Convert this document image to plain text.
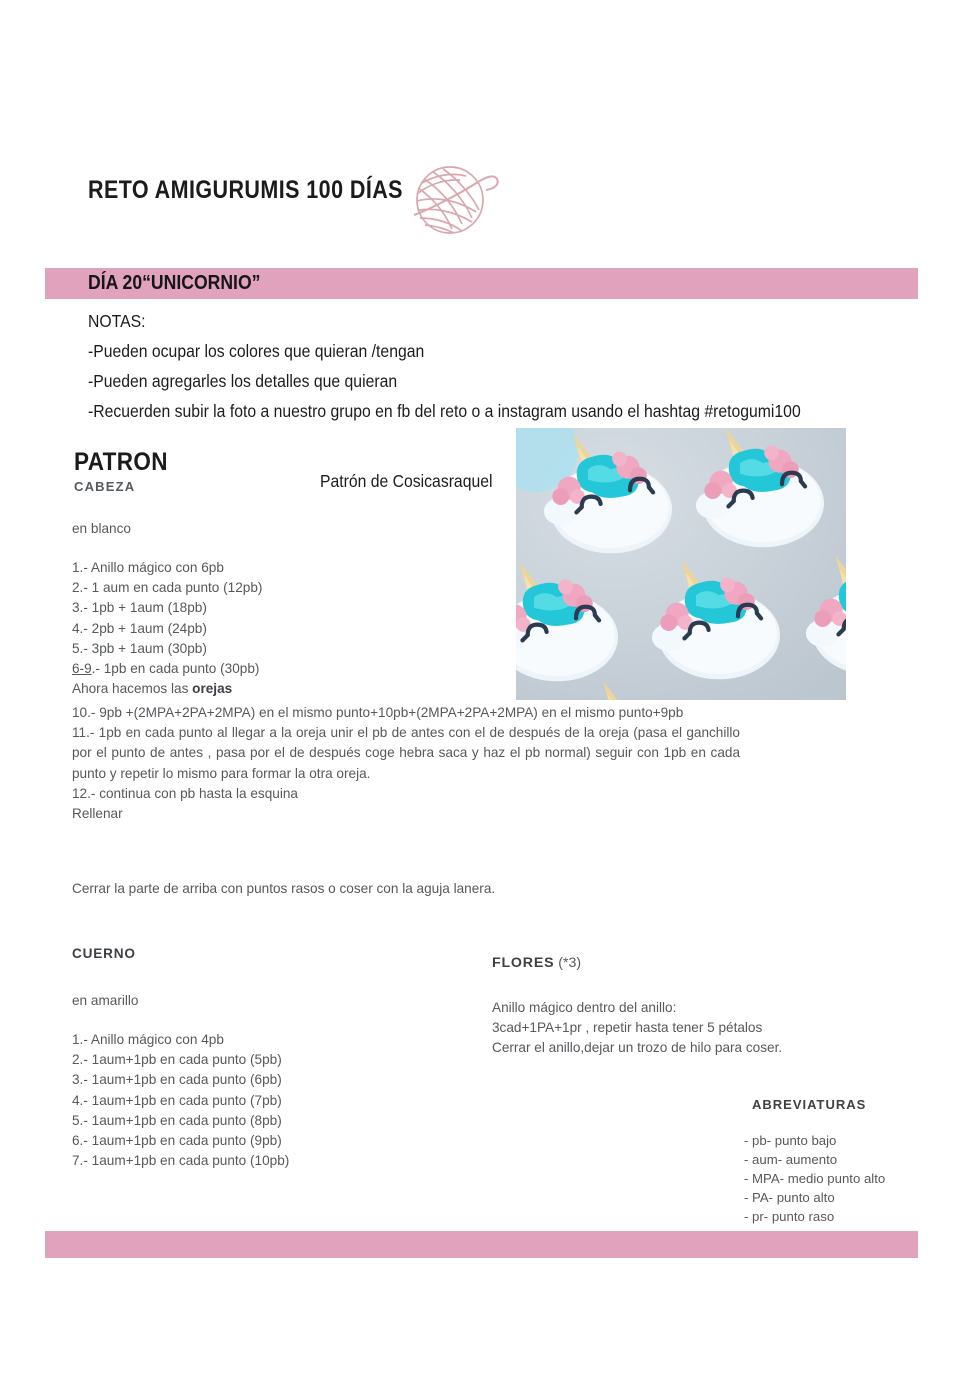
RETO AMIGURUMIS 100 DÍAS
DÍA 20“UNICORNIO”
NOTAS:
-Pueden ocupar los colores que quieran /tengan
-Pueden agregarles los detalles que quieran
-Recuerden subir la foto a nuestro grupo en fb del reto o a instagram usando el hashtag #retogumi100
PATRON
CABEZA	Patrón de Cosicasraquel
en blanco
1.- Anillo mágico con 6pb
2.- 1 aum en cada punto (12pb)
3.- 1pb + 1aum (18pb)
4.- 2pb + 1aum (24pb)
5.- 3pb + 1aum (30pb)
6-9.- 1pb en cada punto (30pb)
Ahora hacemos las orejas

10.- 9pb +(2MPA+2PA+2MPA) en el mismo punto+10pb+(2MPA+2PA+2MPA) en el mismo punto+9pb

11.- 1pb en cada punto al llegar a la oreja unir el pb de antes con el de después de la oreja (pasa el ganchillo por el punto de antes , pasa por el de después coge hebra saca y haz el pb normal) seguir con 1pb en cada punto y repetir lo mismo para formar la otra oreja.

12.- continua con pb hasta la esquina

Rellenar

Cerrar la parte de arriba con puntos rasos o coser con la aguja lanera.
CUERNO
en amarillo
1.- Anillo mágico con 4pb
2.- 1aum+1pb en cada punto (5pb)
3.- 1aum+1pb en cada punto (6pb)
4.- 1aum+1pb en cada punto (7pb)
5.- 1aum+1pb en cada punto (8pb)
6.- 1aum+1pb en cada punto (9pb)
7.- 1aum+1pb en cada punto (10pb)
FLORES (*3)
Anillo mágico dentro del anillo:
3cad+1PA+1pr , repetir hasta tener 5 pétalos
Cerrar el anillo,dejar un trozo de hilo para coser.
ABREVIATURAS
- pb- punto bajo
- aum- aumento
- MPA- medio punto alto
- PA- punto alto
- pr- punto raso
